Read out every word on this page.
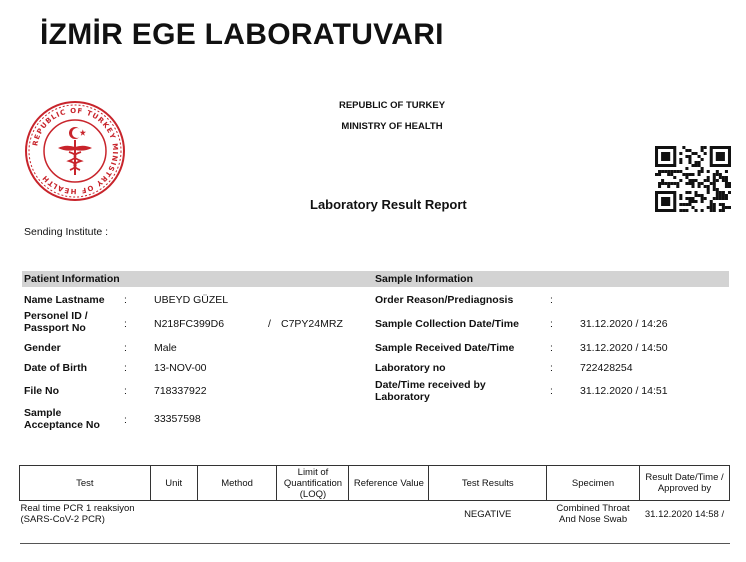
İZMİR EGE LABORATUVARI
REPUBLIC OF TURKEY MINISTRY OF HEALTH
REPUBLIC OF TURKEY
MINISTRY OF HEALTH
Laboratory Result Report
Sending Institute :
Patient Information	Sample Information
Name Lastname :	UBEYD GÜZEL
Personel ID / Passport No	:	N218FC399D6	/ C7PY24MRZ
Gender	:	Male
Date of Birth	:	13-NOV-00
File No	:	718337922
Sample Acceptance No	:	33357598
Order Reason/Prediagnosis	:
Sample Collection Date/Time	:	31.12.2020 / 14:26
Sample Received Date/Time	:	31.12.2020 / 14:50
Laboratory no	:	722428254
Date/Time received by Laboratory	:	31.12.2020 / 14:51
Test	Unit	Method	Limit of Quantification (LOQ)	Reference Value	Test Results	Specimen	Result Date/Time / Approved by
Real time PCR 1 reaksiyon (SARS-CoV-2 PCR)					NEGATIVE	Combined Throat And Nose Swab	31.12.2020 14:58 /
